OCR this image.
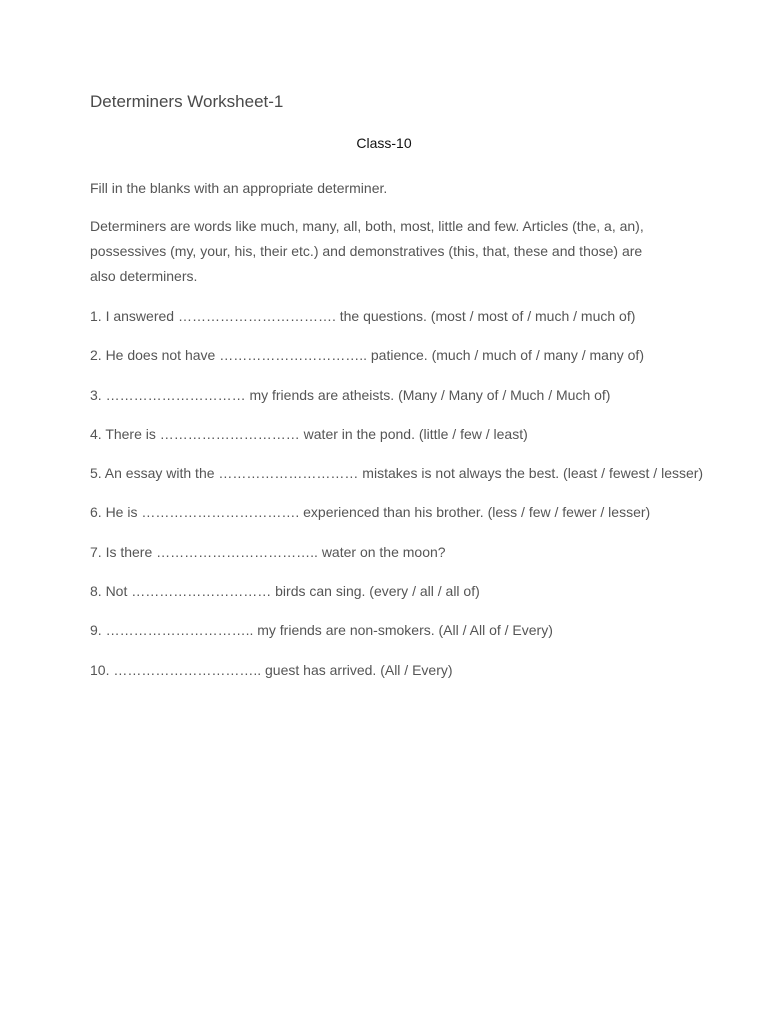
Determiners Worksheet-1
Class-10
Fill in the blanks with an appropriate determiner.
Determiners are words like much, many, all, both, most, little and few. Articles (the, a, an), possessives (my, your, his, their etc.) and demonstratives (this, that, these and those) are also determiners.
1. I answered ……………………………. the questions. (most / most of / much / much of)
2. He does not have ………………………….. patience. (much / much of / many / many of)
3. ………………………… my friends are atheists. (Many / Many of / Much / Much of)
4. There is ………………………… water in the pond. (little / few / least)
5. An essay with the ………………………… mistakes is not always the best. (least / fewest / lesser)
6. He is ……………………………. experienced than his brother. (less / few / fewer / lesser)
7. Is there …………………………….. water on the moon?
8. Not ………………………… birds can sing. (every / all / all of)
9. ………………………….. my friends are non-smokers. (All / All of / Every)
10. ………………………….. guest has arrived. (All / Every)
